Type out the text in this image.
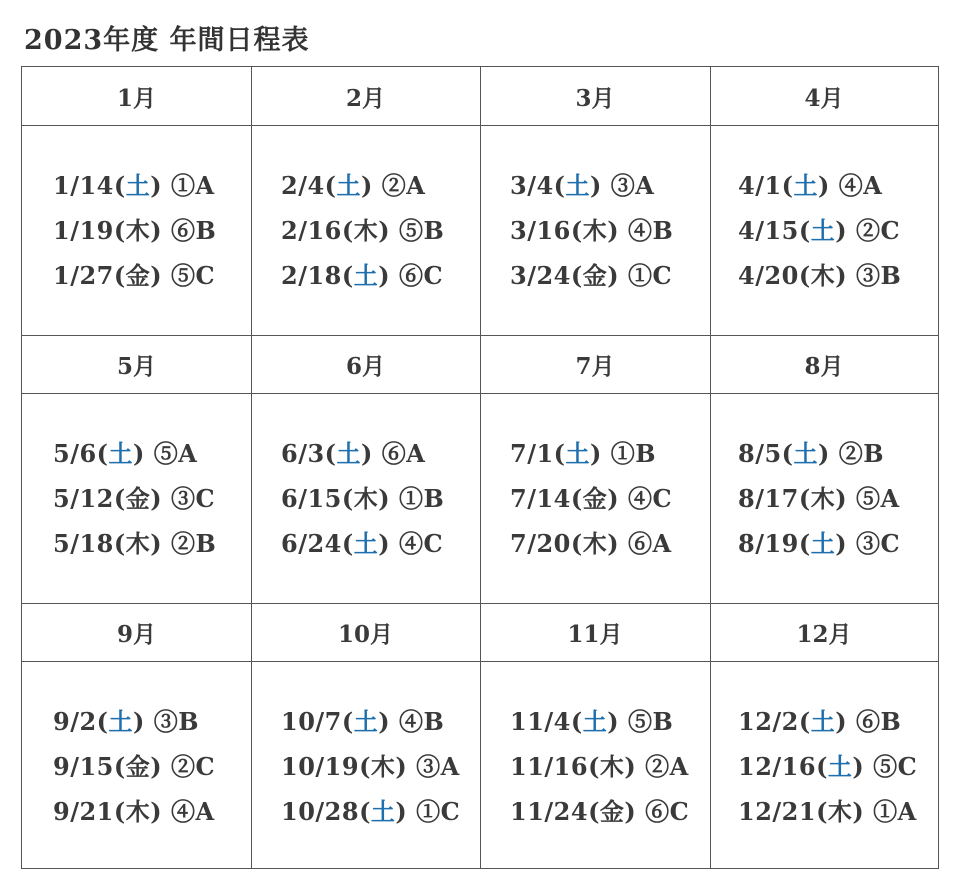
2023年度 年間日程表
1月
1/14(土) ①A
1/19(木) ⑥B
1/27(金) ⑤C
2月
2/4(土) ②A
2/16(木) ⑤B
2/18(土) ⑥C
3月
3/4(土) ③A
3/16(木) ④B
3/24(金) ①C
4月
4/1(土) ④A
4/15(土) ②C
4/20(木) ③B
5月
5/6(土) ⑤A
5/12(金) ③C
5/18(木) ②B
6月
6/3(土) ⑥A
6/15(木) ①B
6/24(土) ④C
7月
7/1(土) ①B
7/14(金) ④C
7/20(木) ⑥A
8月
8/5(土) ②B
8/17(木) ⑤A
8/19(土) ③C
9月
9/2(土) ③B
9/15(金) ②C
9/21(木) ④A
10月
10/7(土) ④B
10/19(木) ③A
10/28(土) ①C
11月
11/4(土) ⑤B
11/16(木) ②A
11/24(金) ⑥C
12月
12/2(土) ⑥B
12/16(土) ⑤C
12/21(木) ①A
